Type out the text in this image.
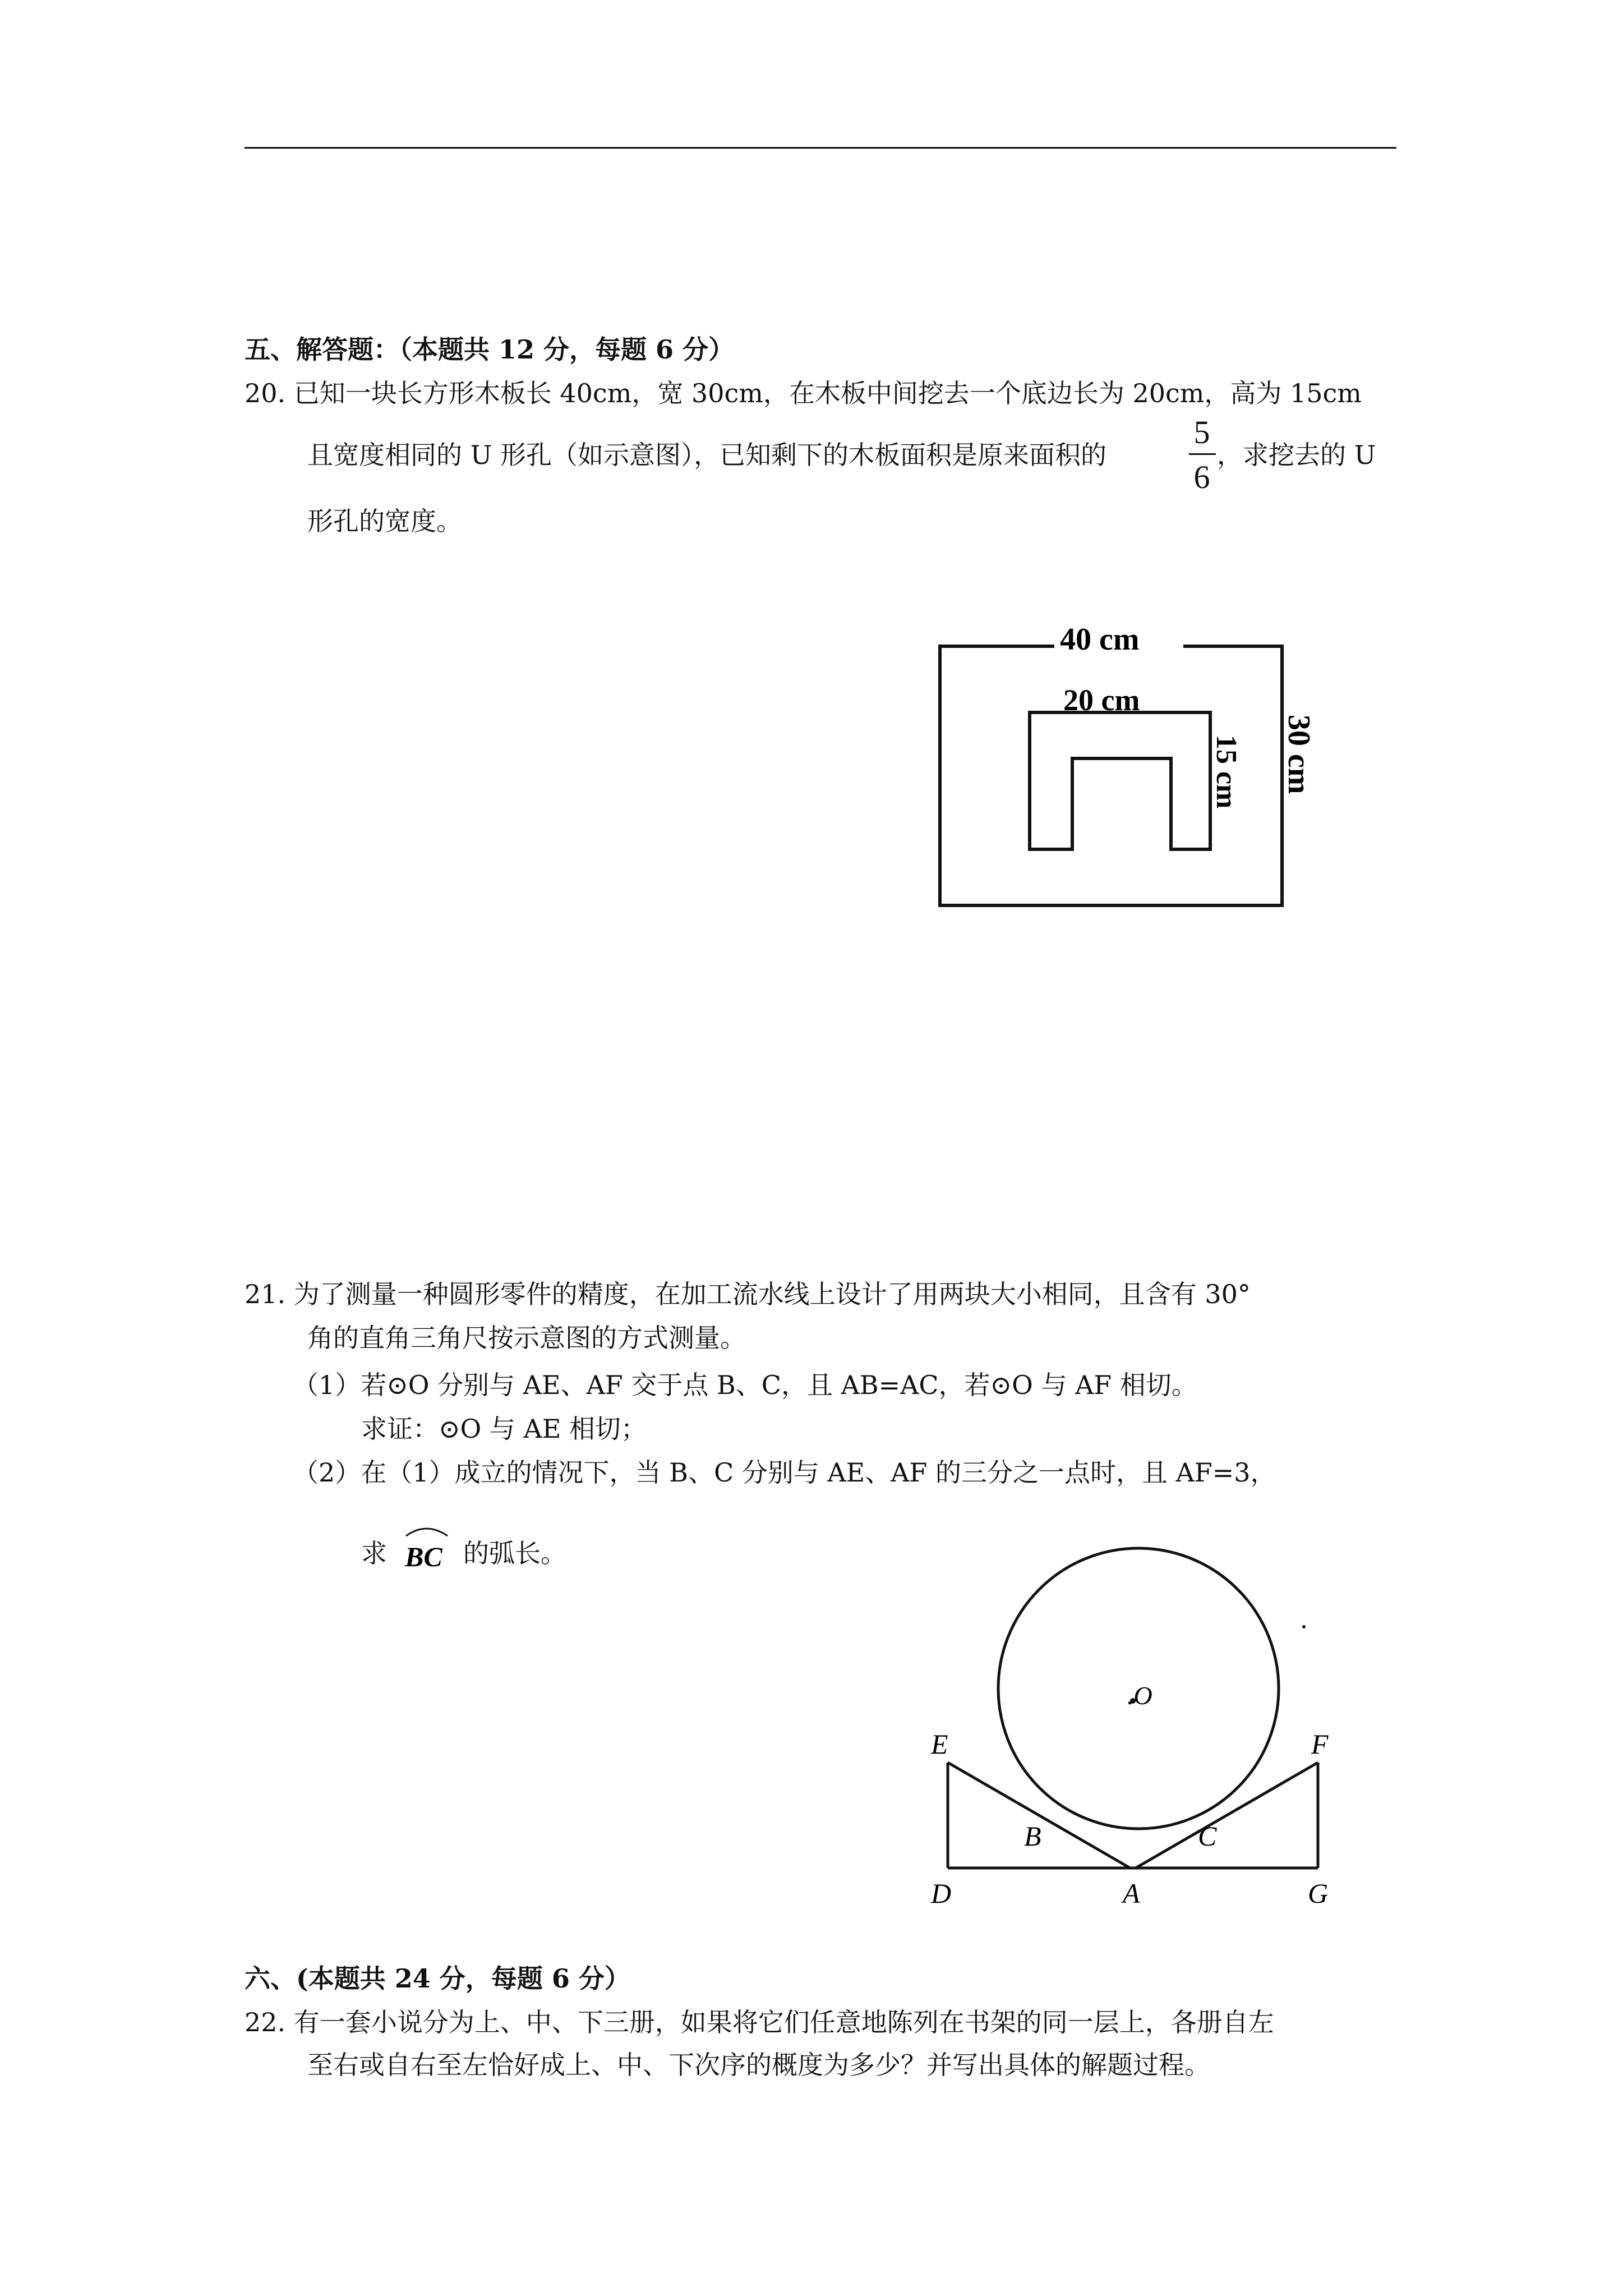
五、解答题：（本题共 12 分，每题 6 分）
20. 已知一块长方形木板长 40cm，宽 30cm，在木板中间挖去一个底边长为 20cm，高为 15cm
且宽度相同的 U 形孔（如示意图），已知剩下的木板面积是原来面积的
5
6
，求挖去的 U
形孔的宽度。
40 cm
20 cm
15 cm 30 cm
21. 为了测量一种圆形零件的精度，在加工流水线上设计了用两块大小相同，且含有 30°
角的直角三角尺按示意图的方式测量。
（1）若⊙O 分别与 AE、AF 交于点 B、C，且 AB=AC，若⊙O 与 AF 相切。
求证：⊙O 与 AE 相切；
（2）在（1）成立的情况下，当 B、C 分别与 AE、AF 的三分之一点时，且 AF=3，
求 BC 的弧长。
.O
E	F
B	C
D	A	G
六、(本题共 24 分，每题 6 分）
22. 有一套小说分为上、中、下三册，如果将它们任意地陈列在书架的同一层上，各册自左
至右或自右至左恰好成上、中、下次序的概度为多少？并写出具体的解题过程。
